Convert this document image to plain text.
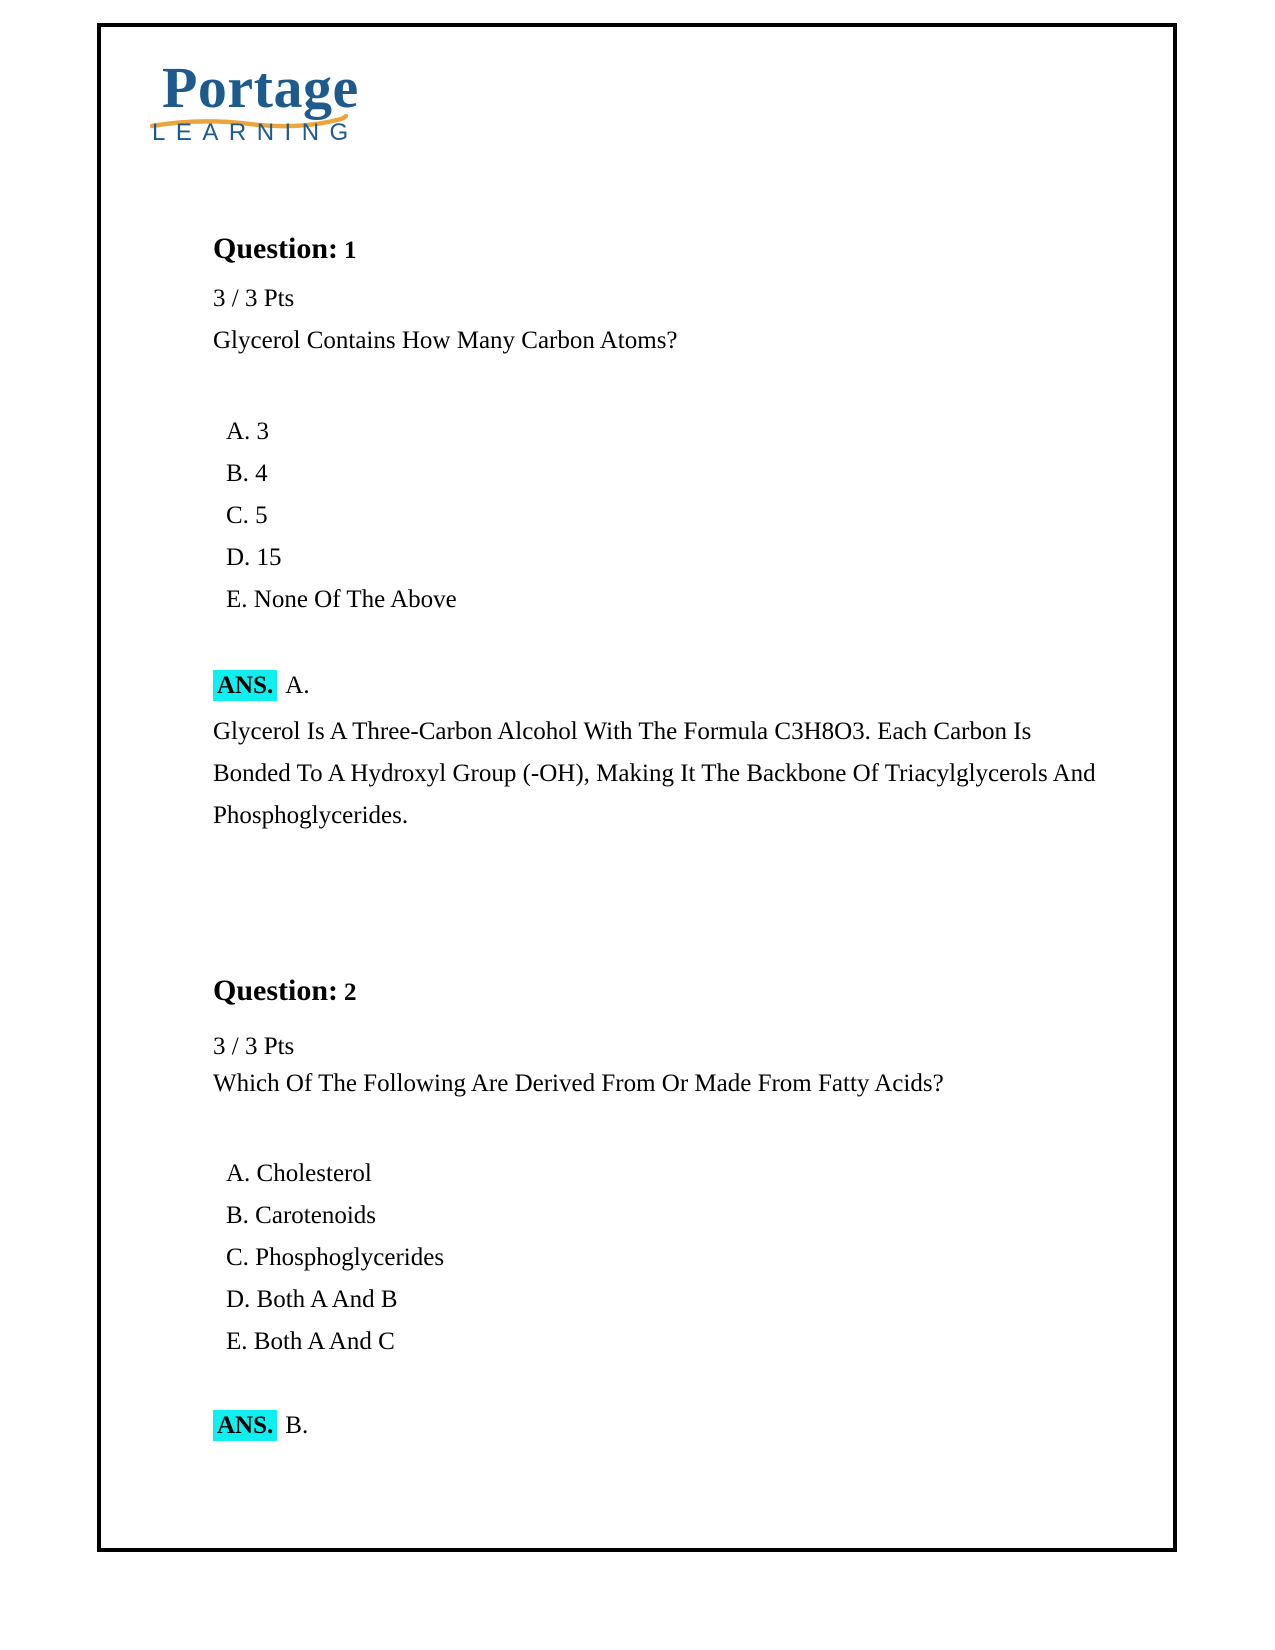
Portage
LEARNING
Question: 1
3 / 3 Pts
Glycerol Contains How Many Carbon Atoms?
A. 3
B. 4
C. 5
D. 15
E. None Of The Above
ANS. A.
Glycerol Is A Three-Carbon Alcohol With The Formula C3H8O3. Each Carbon Is Bonded To A Hydroxyl Group (-OH), Making It The Backbone Of Triacylglycerols And Phosphoglycerides.
Question: 2
3 / 3 Pts
Which Of The Following Are Derived From Or Made From Fatty Acids?
A. Cholesterol
B. Carotenoids
C. Phosphoglycerides
D. Both A And B
E. Both A And C
ANS. B.
